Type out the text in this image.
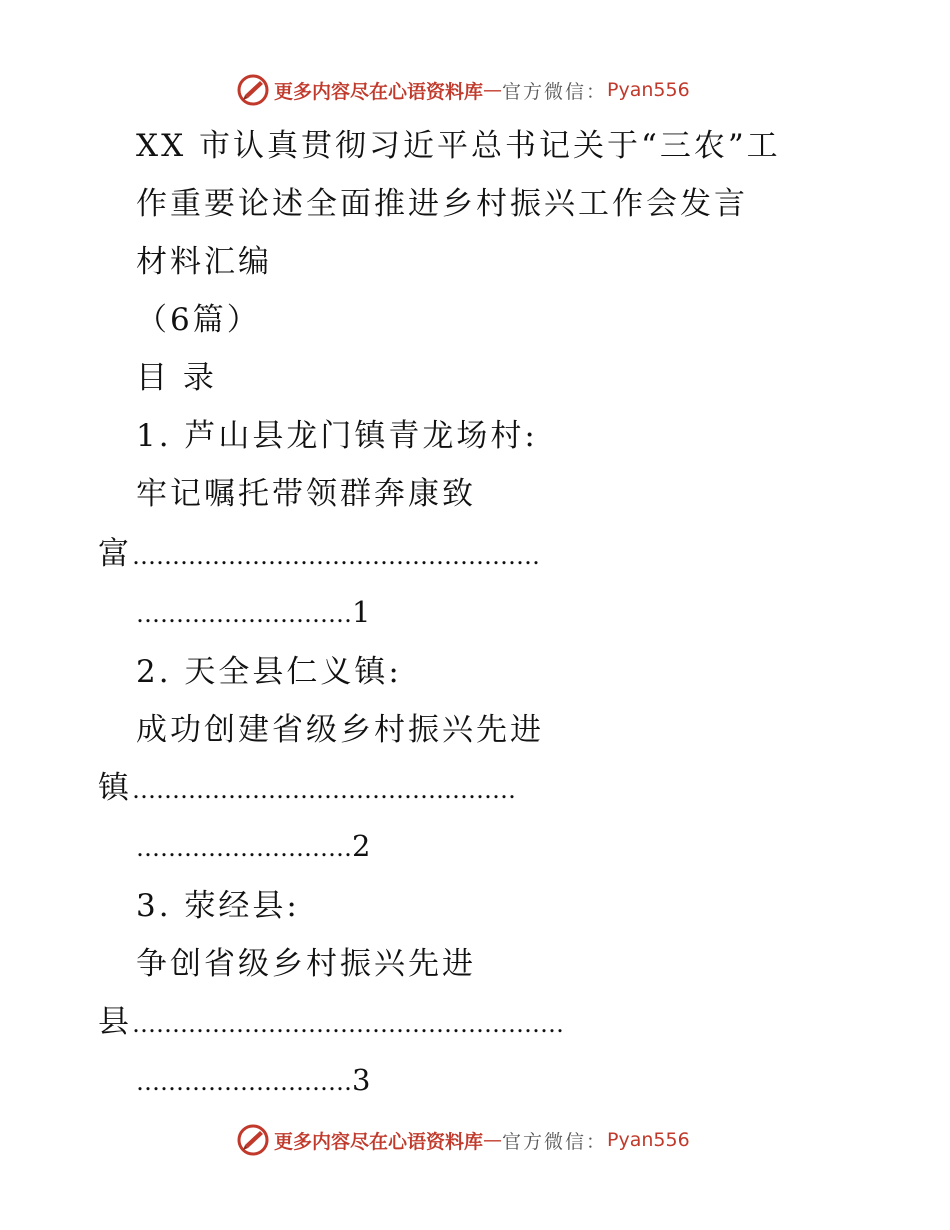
更多内容尽在心语资料库 — 官方微信： Pyan556
XX 市认真贯彻习近平总书记关于“三农”工
作重要论述全面推进乡村振兴工作会发言
材料汇编
（6篇）
目 录
1. 芦山县龙门镇青龙场村:
牢记嘱托带领群奔康致
富……………………………………………
………………………1
2. 天全县仁义镇:
成功创建省级乡村振兴先进
镇…………………………………………
………………………2
3. 荥经县:
争创省级乡村振兴先进
县………………………………………………
………………………3
更多内容尽在心语资料库 — 官方微信： Pyan556
